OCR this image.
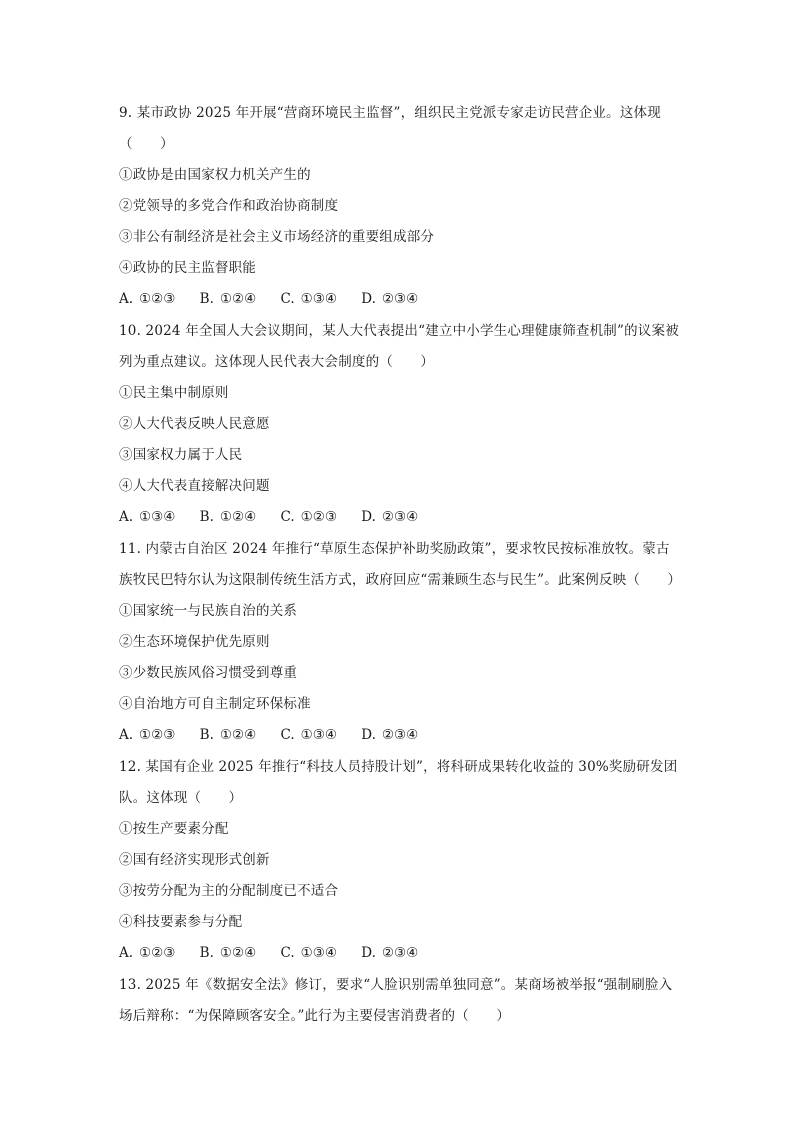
9. 某市政协 2025 年开展“营商环境民主监督”，组织民主党派专家走访民营企业。这体现
（　　）
①政协是由国家权力机关产生的
②党领导的多党合作和政治协商制度
③非公有制经济是社会主义市场经济的重要组成部分
④政协的民主监督职能
A. ①②③ B. ①②④ C. ①③④ D. ②③④
10. 2024 年全国人大会议期间，某人大代表提出“建立中小学生心理健康筛查机制”的议案被
列为重点建议。这体现人民代表大会制度的（　　）
①民主集中制原则
②人大代表反映人民意愿
③国家权力属于人民
④人大代表直接解决问题
A. ①③④ B. ①②④ C. ①②③ D. ②③④
11. 内蒙古自治区 2024 年推行“草原生态保护补助奖励政策”，要求牧民按标准放牧。蒙古
族牧民巴特尔认为这限制传统生活方式，政府回应“需兼顾生态与民生”。此案例反映（　　）
①国家统一与民族自治的关系
②生态环境保护优先原则
③少数民族风俗习惯受到尊重
④自治地方可自主制定环保标准
A. ①②③ B. ①②④ C. ①③④ D. ②③④
12. 某国有企业 2025 年推行“科技人员持股计划”，将科研成果转化收益的 30%奖励研发团
队。这体现（　　）
①按生产要素分配
②国有经济实现形式创新
③按劳分配为主的分配制度已不适合
④科技要素参与分配
A. ①②③ B. ①②④ C. ①③④ D. ②③④
13. 2025 年《数据安全法》修订，要求“人脸识别需单独同意”。某商场被举报“强制刷脸入
场后辩称：“为保障顾客安全。”此行为主要侵害消费者的（　　）
